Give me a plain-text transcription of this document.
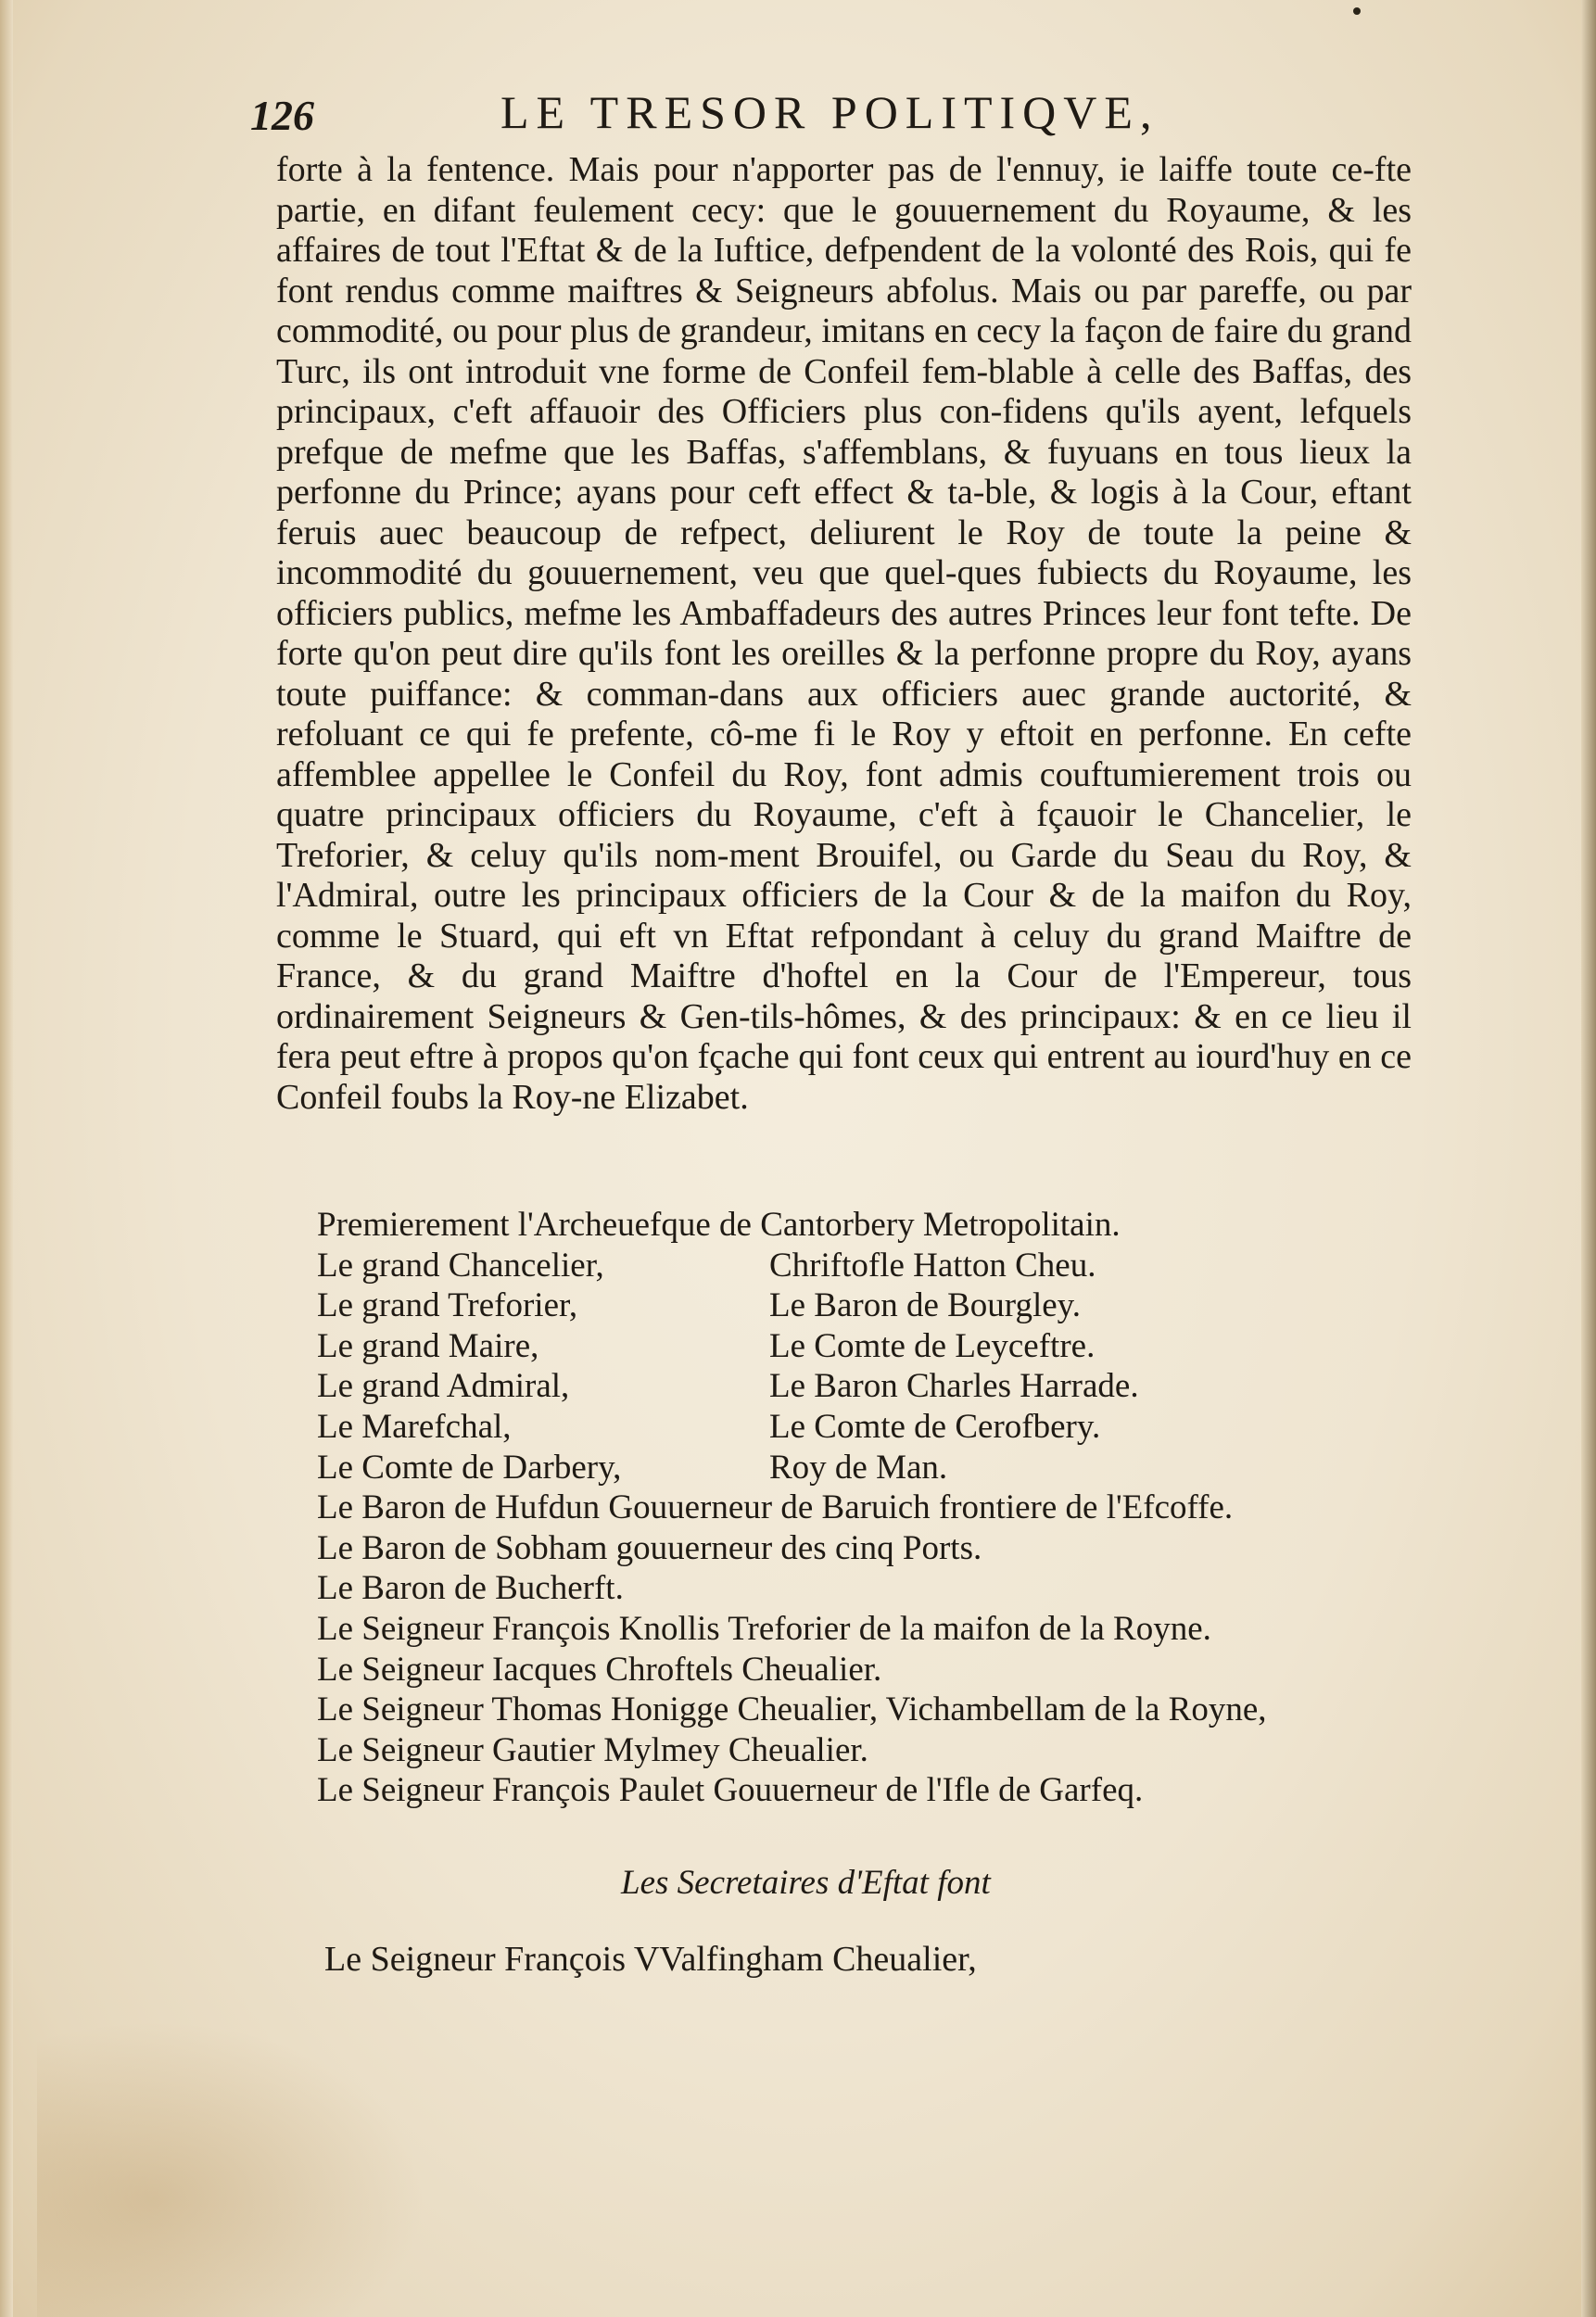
126	LE TRESOR POLITIQVE,
forte à la fentence. Mais pour n'apporter pas de l'ennuy, ie laiffe toute ce-fte partie, en difant feulement cecy: que le gouuernement du Royaume, & les affaires de tout l'Eftat & de la Iuftice, defpendent de la volonté des Rois, qui fe font rendus comme maiftres & Seigneurs abfolus. Mais ou par pareffe, ou par commodité, ou pour plus de grandeur, imitans en cecy la façon de faire du grand Turc, ils ont introduit vne forme de Confeil fem-blable à celle des Baffas, des principaux, c'eft affauoir des Officiers plus con-fidens qu'ils ayent, lefquels prefque de mefme que les Baffas, s'affemblans, & fuyuans en tous lieux la perfonne du Prince; ayans pour ceft effect & ta-ble, & logis à la Cour, eftant feruis auec beaucoup de refpect, deliurent le Roy de toute la peine & incommodité du gouuernement, veu que quel-ques fubiects du Royaume, les officiers publics, mefme les Ambaffadeurs des autres Princes leur font tefte. De forte qu'on peut dire qu'ils font les oreilles & la perfonne propre du Roy, ayans toute puiffance: & comman-dans aux officiers auec grande auctorité, & refoluant ce qui fe prefente, cô-me fi le Roy y eftoit en perfonne. En cefte affemblee appellee le Confeil du Roy, font admis couftumierement trois ou quatre principaux officiers du Royaume, c'eft à fçauoir le Chancelier, le Treforier, & celuy qu'ils nom-ment Brouifel, ou Garde du Seau du Roy, & l'Admiral, outre les principaux officiers de la Cour & de la maifon du Roy, comme le Stuard, qui eft vn Eftat refpondant à celuy du grand Maiftre de France, & du grand Maiftre d'hoftel en la Cour de l'Empereur, tous ordinairement Seigneurs & Gen-tils-hômes, & des principaux: & en ce lieu il fera peut eftre à propos qu'on fçache qui font ceux qui entrent au iourd'huy en ce Confeil foubs la Roy-ne Elizabet.
Premierement l'Archeuefque de Cantorbery Metropolitain.
Le grand Chancelier,	Chriftofle Hatton Cheu.
Le grand Treforier,	Le Baron de Bourgley.
Le grand Maire,	Le Comte de Leyceftre.
Le grand Admiral,	Le Baron Charles Harrade.
Le Marefchal,	Le Comte de Cerofbery.
Le Comte de Darbery,	Roy de Man.
Le Baron de Hufdun Gouuerneur de Baruich frontiere de l'Efcoffe.
Le Baron de Sobham gouuerneur des cinq Ports.
Le Baron de Bucherft.
Le Seigneur François Knollis Treforier de la maifon de la Royne.
Le Seigneur Iacques Chroftels Cheualier.
Le Seigneur Thomas Honigge Cheualier, Vichambellam de la Royne,
Le Seigneur Gautier Mylmey Cheualier.
Le Seigneur François Paulet Gouuerneur de l'Ifle de Garfeq.
Les Secretaires d'Eftat font
Le Seigneur François VValfingham Cheualier,
